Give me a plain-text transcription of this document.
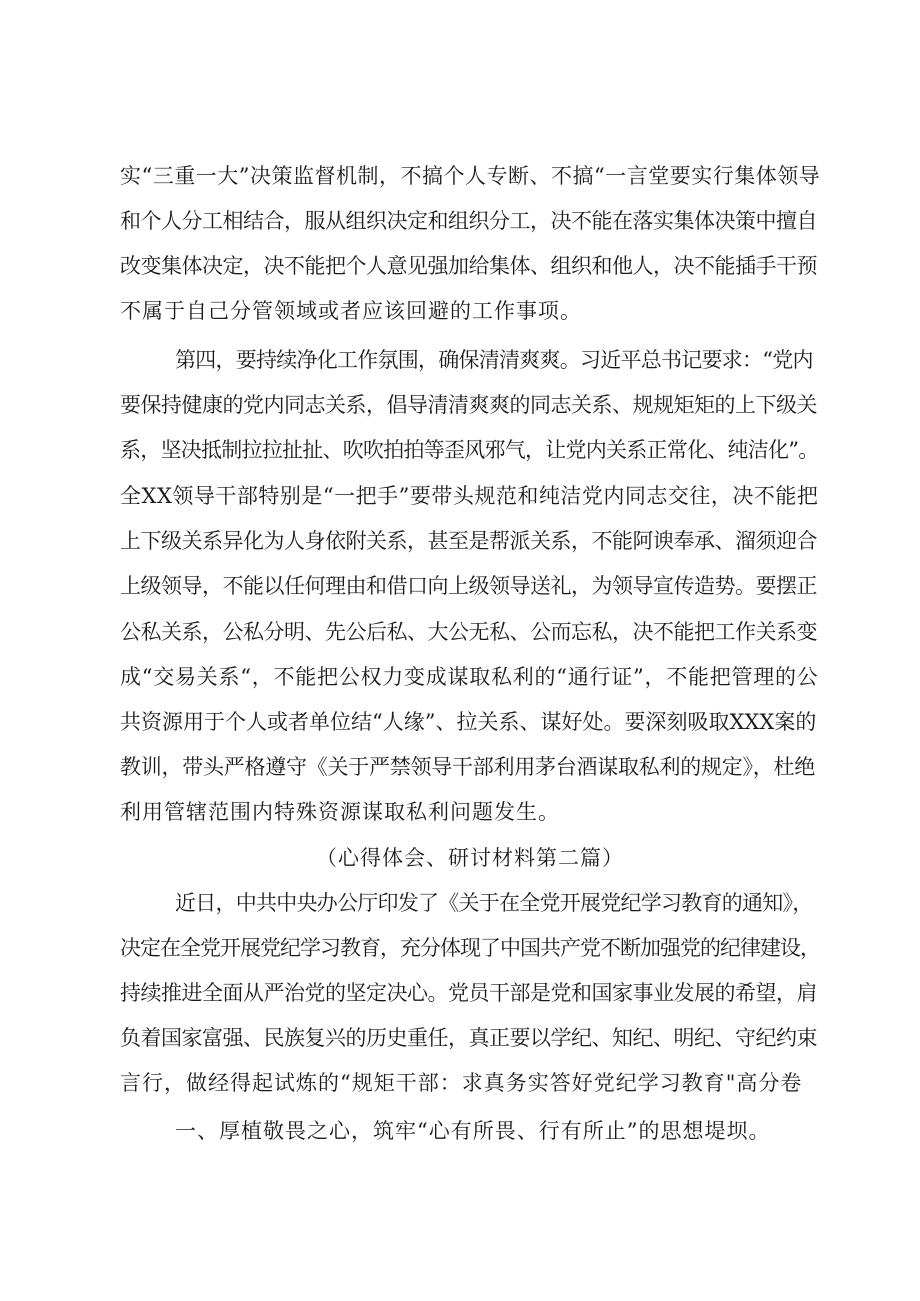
实“三重一大”决策监督机制，不搞个人专断、不搞“一言堂要实行集体领导
和个人分工相结合，服从组织决定和组织分工，决不能在落实集体决策中擅自
改变集体决定，决不能把个人意见强加给集体、组织和他人，决不能插手干预
不属于自己分管领域或者应该回避的工作事项。
第四，要持续净化工作氛围，确保清清爽爽。习近平总书记要求：“党内
要保持健康的党内同志关系，倡导清清爽爽的同志关系、规规矩矩的上下级关
系，坚决抵制拉拉扯扯、吹吹拍拍等歪风邪气，让党内关系正常化、纯洁化”。
全XX领导干部特别是“一把手”要带头规范和纯洁党内同志交往，决不能把
上下级关系异化为人身依附关系，甚至是帮派关系，不能阿谀奉承、溜须迎合
上级领导，不能以任何理由和借口向上级领导送礼，为领导宣传造势。要摆正
公私关系，公私分明、先公后私、大公无私、公而忘私，决不能把工作关系变
成“交易关系“，不能把公权力变成谋取私利的“通行证”，不能把管理的公
共资源用于个人或者单位结“人缘”、拉关系、谋好处。要深刻吸取XXX案的
教训，带头严格遵守《关于严禁领导干部利用茅台酒谋取私利的规定》，杜绝
利用管辖范围内特殊资源谋取私利问题发生。
（心得体会、研讨材料第二篇）
近日，中共中央办公厅印发了《关于在全党开展党纪学习教育的通知》，
决定在全党开展党纪学习教育，充分体现了中国共产党不断加强党的纪律建设，
持续推进全面从严治党的坚定决心。党员干部是党和国家事业发展的希望，肩
负着国家富强、民族复兴的历史重任，真正要以学纪、知纪、明纪、守纪约束
言行，做经得起试炼的“规矩干部：求真务实答好党纪学习教育"高分卷
一、厚植敬畏之心，筑牢“心有所畏、行有所止”的思想堤坝。
